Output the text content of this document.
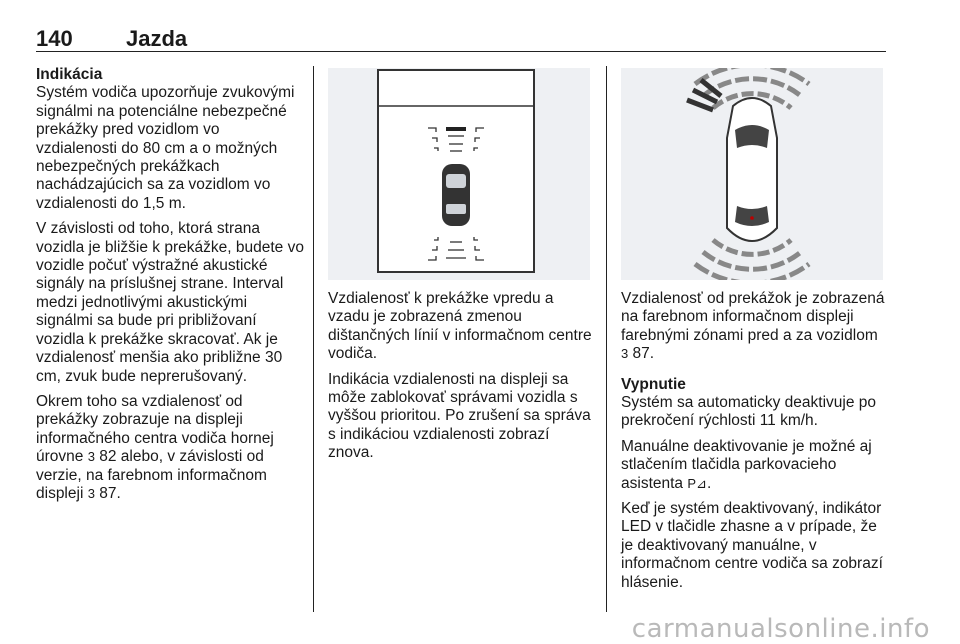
140 Jazda
Indikácia

Systém vodiča upozorňuje zvukovými signálmi na potenciálne nebezpečné prekážky pred vozidlom vo vzdialenosti do 80 cm a o možných nebezpečných prekážkach nachádzajúcich sa za vozidlom vo vzdialenosti do 1,5 m.

V závislosti od toho, ktorá strana vozidla je bližšie k prekážke, budete vo vozidle počuť výstražné akustické signály na príslušnej strane. Interval medzi jednotlivými akustickými signálmi sa bude pri približovaní vozidla k prekážke skracovať. Ak je vzdialenosť menšia ako približne 30 cm, zvuk bude neprerušovaný.

Okrem toho sa vzdialenosť od prekážky zobrazuje na displeji informačného centra vodiča hornej úrovne 3 82 alebo, v závislosti od verzie, na farebnom informačnom displeji 3 87.

Vzdialenosť k prekážke vpredu a vzadu je zobrazená zmenou dištančných línií v informačnom centre vodiča.

Indikácia vzdialenosti na displeji sa môže zablokovať správami vozidla s vyššou prioritou. Po zrušení sa správa s indikáciou vzdialenosti zobrazí znova.

Vzdialenosť od prekážok je zobrazená na farebnom informačnom displeji farebnými zónami pred a za vozidlom 3 87.

Vypnutie

Systém sa automaticky deaktivuje po prekročení rýchlosti 11 km/h.

Manuálne deaktivovanie je možné aj stlačením tlačidla parkovacieho asistenta P⊿.

Keď je systém deaktivovaný, indikátor LED v tlačidle zhasne a v prípade, že je deaktivovaný manuálne, v informačnom centre vodiča sa zobrazí hlásenie.

carmanualsonline.info
